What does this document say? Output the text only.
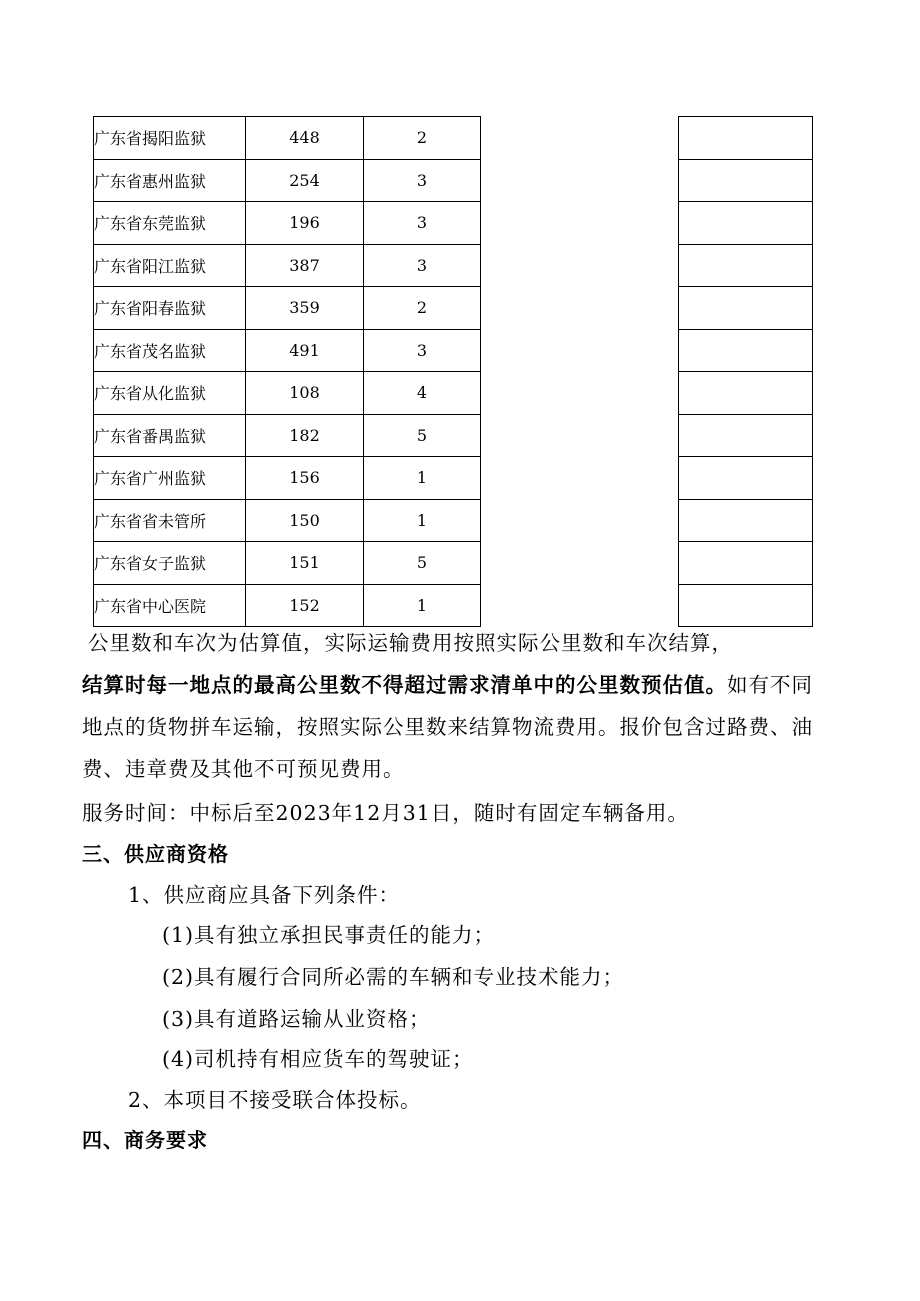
广东省揭阳监狱	448	2		
广东省惠州监狱	254	3		
广东省东莞监狱	196	3		
广东省阳江监狱	387	3		
广东省阳春监狱	359	2		
广东省茂名监狱	491	3		
广东省从化监狱	108	4		
广东省番禺监狱	182	5		
广东省广州监狱	156	1		
广东省省未管所	150	1		
广东省女子监狱	151	5		
广东省中心医院	152	1		

公里数和车次为估算值，实际运输费用按照实际公里数和车次结算，

结算时每一地点的最高公里数不得超过需求清单中的公里数预估值。如有不同地点的货物拼车运输，按照实际公里数来结算物流费用。报价包含过路费、油费、违章费及其他不可预见费用。

服务时间：中标后至2023年12月31日，随时有固定车辆备用。

三、供应商资格

1、供应商应具备下列条件：

(1)具有独立承担民事责任的能力；

(2)具有履行合同所必需的车辆和专业技术能力；

(3)具有道路运输从业资格；

(4)司机持有相应货车的驾驶证；

2、本项目不接受联合体投标。

四、商务要求
